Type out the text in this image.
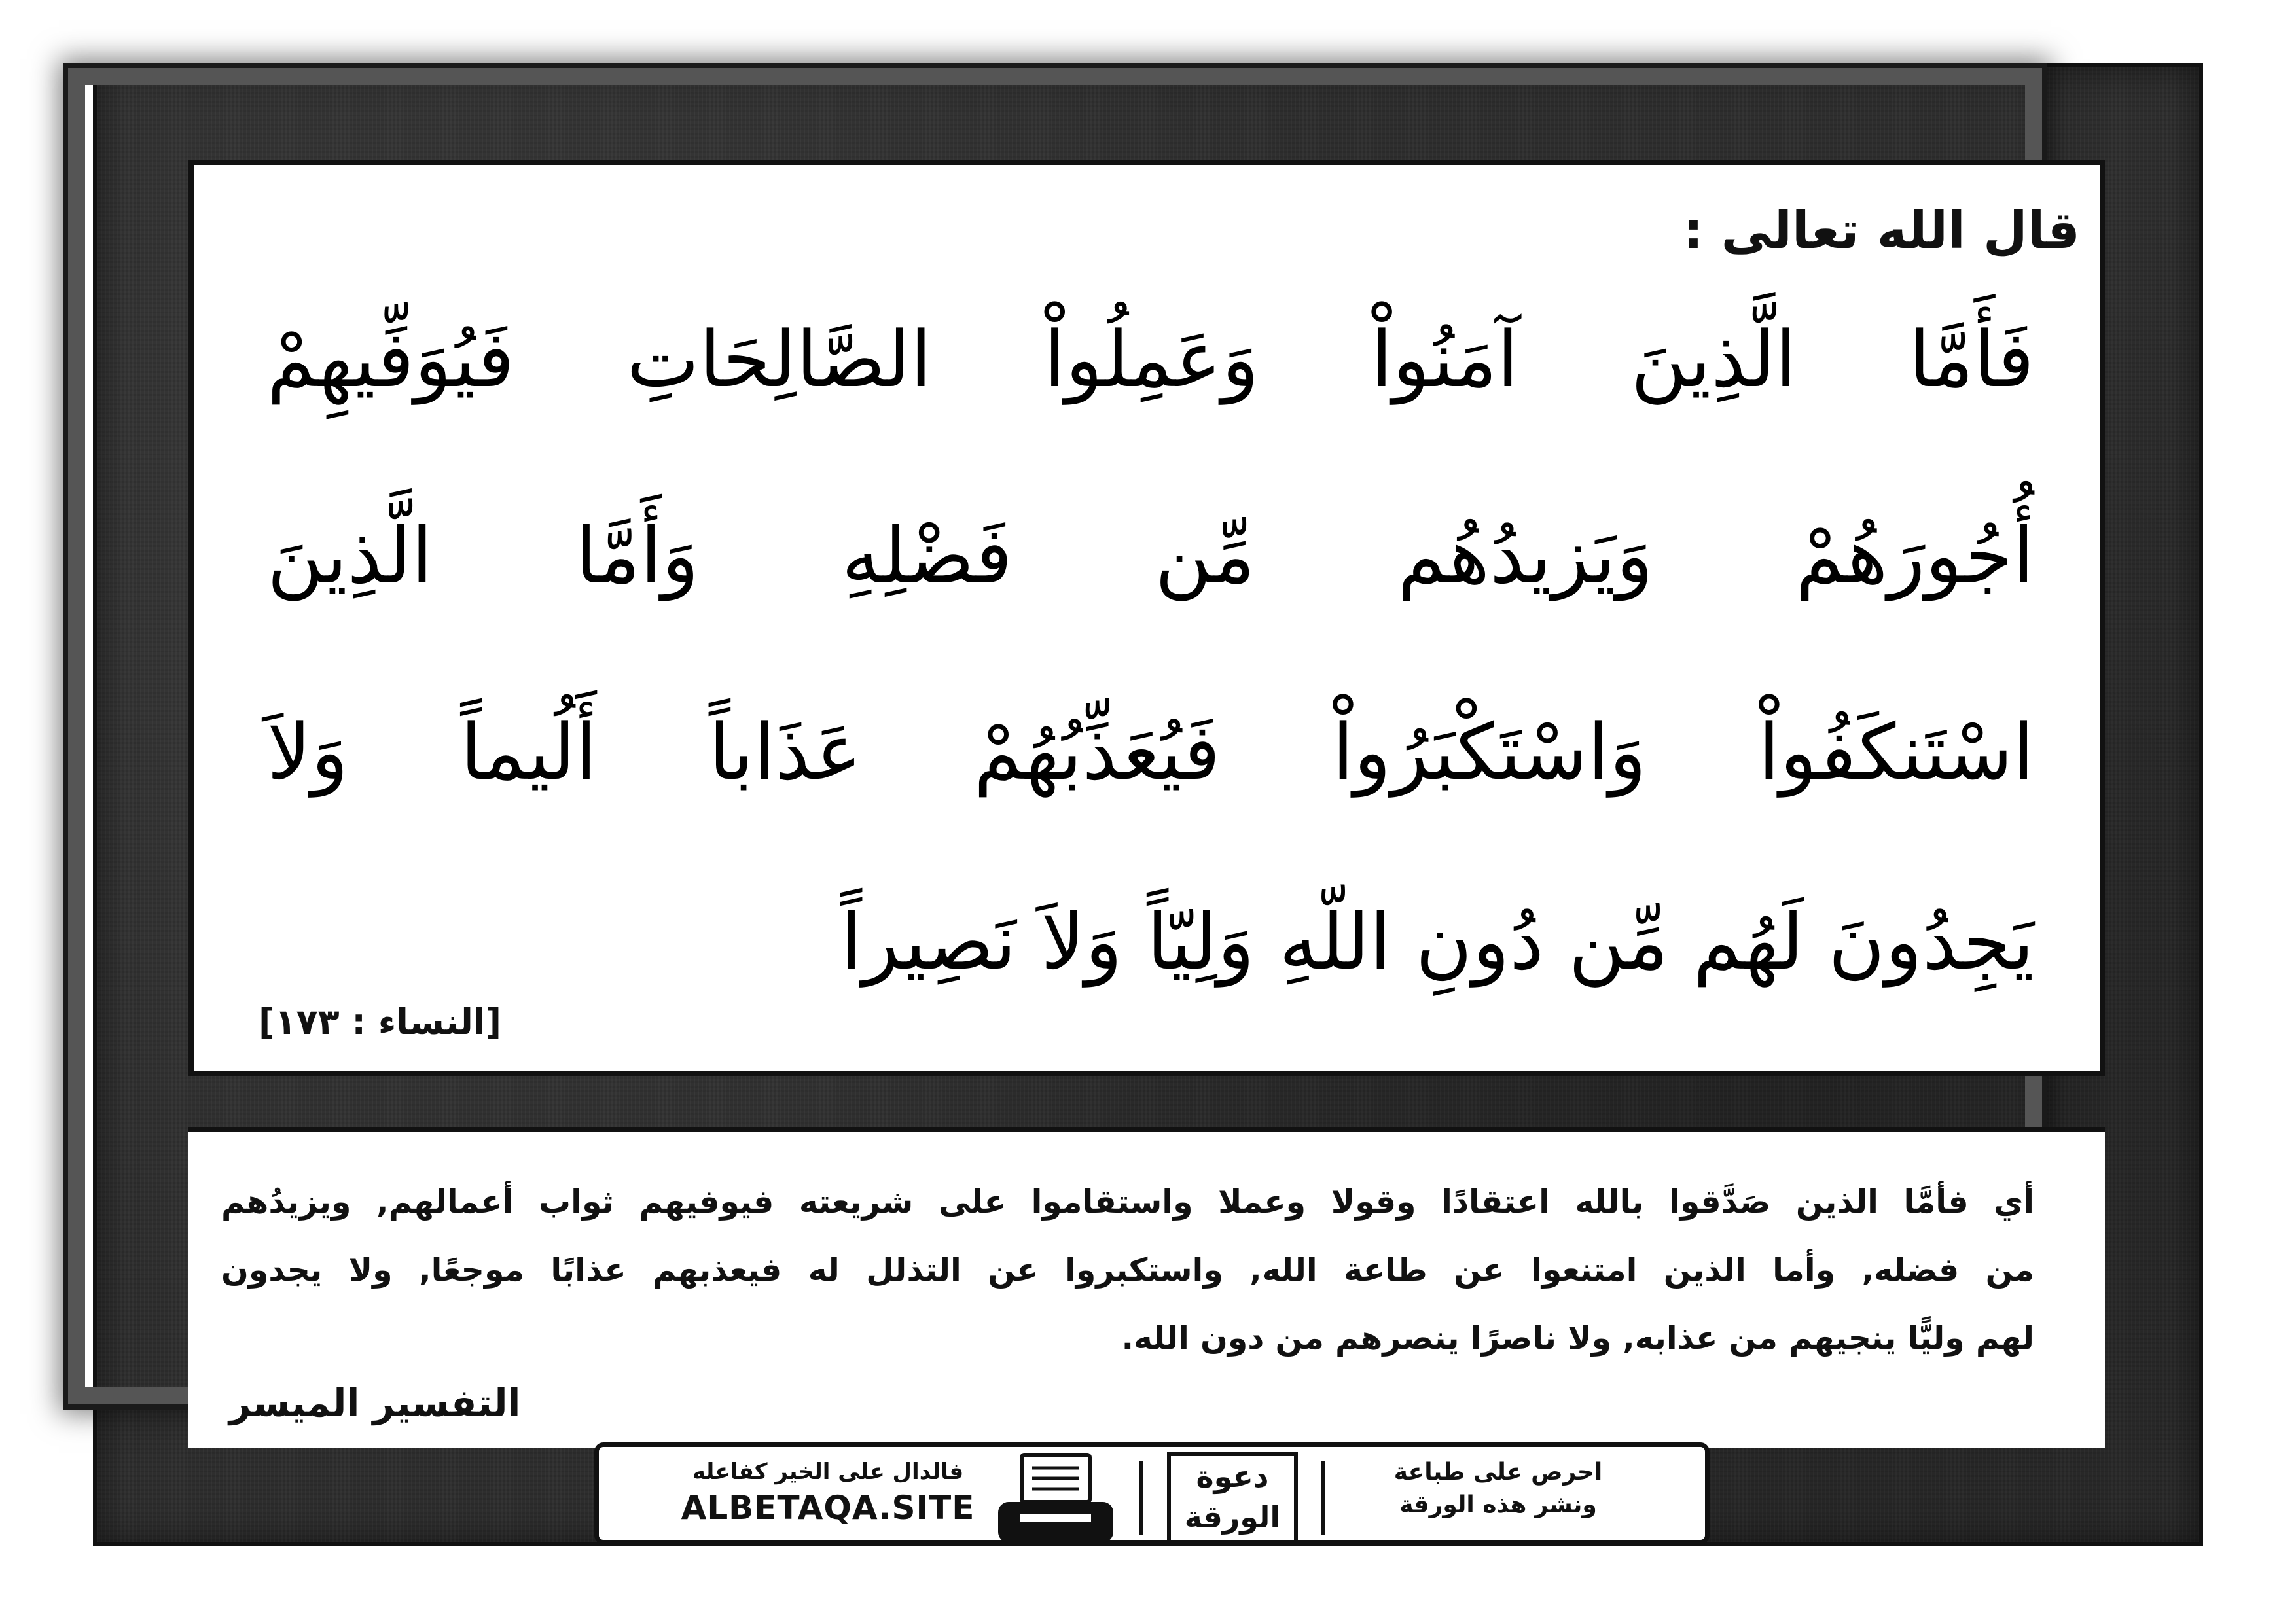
قال الله تعالى :
فَأَمَّا الَّذِينَ آمَنُواْ وَعَمِلُواْ الصَّالِحَاتِ فَيُوَفِّيهِمْ
أُجُورَهُمْ وَيَزيدُهُم مِّن فَضْلِهِ وَأَمَّا الَّذِينَ
اسْتَنكَفُواْ وَاسْتَكْبَرُواْ فَيُعَذِّبُهُمْ عَذَاباً أَلُيماً وَلاَ
يَجِدُونَ لَهُم مِّن دُونِ اللّهِ وَلِيّاً وَلاَ نَصِيراً
[النساء : ١٧٣]
أي فأمَّا الذين صَدَّقوا بالله اعتقادًا وقولا وعملا واستقاموا على شريعته فيوفيهم ثواب أعمالهم, ويزيدُهم
من فضله, وأما الذين امتنعوا عن طاعة الله, واستكبروا عن التذلل له فيعذبهم عذابًا موجعًا, ولا يجدون
لهم وليًّا ينجيهم من عذابه, ولا ناصرًا ينصرهم من دون الله.
التفسير الميسر
فالدال على الخير كفاعله
ALBETAQA.SITE
دعوة
الورقة
احرص على طباعة
ونشر هذه الورقة
